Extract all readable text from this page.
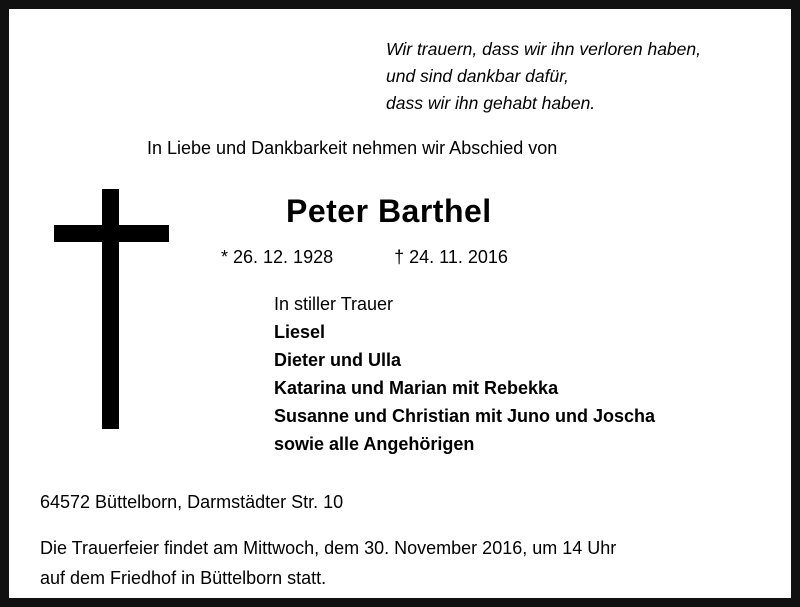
Wir trauern, dass wir ihn verloren haben,
und sind dankbar dafür,
dass wir ihn gehabt haben.
In Liebe und Dankbarkeit nehmen wir Abschied von
Peter Barthel
* 26. 12. 1928	† 24. 11. 2016
In stiller Trauer
Liesel
Dieter und Ulla
Katarina und Marian mit Rebekka
Susanne und Christian mit Juno und Joscha
sowie alle Angehörigen
64572 Büttelborn, Darmstädter Str. 10
Die Trauerfeier findet am Mittwoch, dem 30. November 2016, um 14 Uhr
auf dem Friedhof in Büttelborn statt.
